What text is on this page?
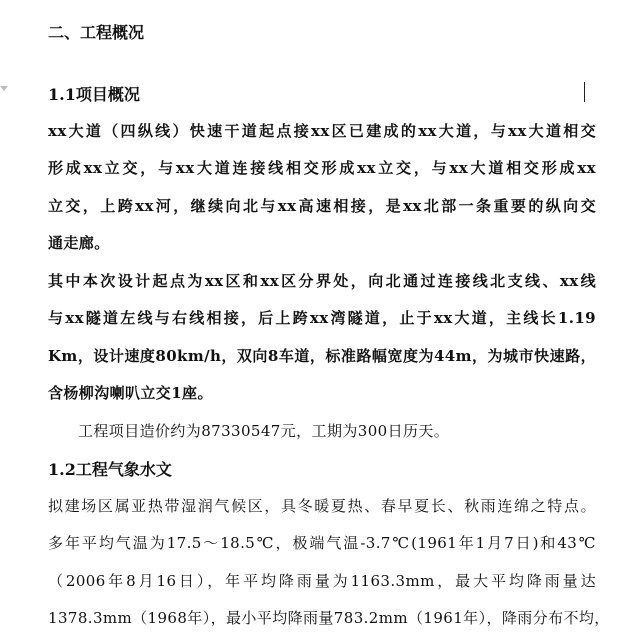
二、工程概况
1.1项目概况
xx大道（四纵线）快速干道起点接xx区已建成的xx大道，与xx大道相交
形成xx立交，与xx大道连接线相交形成xx立交，与xx大道相交形成xx
立交，上跨xx河，继续向北与xx高速相接，是xx北部一条重要的纵向交
通走廊。
其中本次设计起点为xx区和xx区分界处，向北通过连接线北支线、xx线
与xx隧道左线与右线相接，后上跨xx湾隧道，止于xx大道，主线长1.19
Km，设计速度80km/h，双向8车道，标准路幅宽度为44m，为城市快速路，
含杨柳沟喇叭立交1座。
工程项目造价约为87330547元，工期为300日历天。
1.2工程气象水文
拟建场区属亚热带湿润气候区，具冬暖夏热、春早夏长、秋雨连绵之特点。
多年平均气温为17.5～18.5℃，极端气温-3.7℃(1961年1月7日)和43℃
（2006年8月16日），年平均降雨量为1163.3mm，最大平均降雨量达
1378.3mm（1968年），最小平均降雨量783.2mm（1961年），降雨分布不均，
